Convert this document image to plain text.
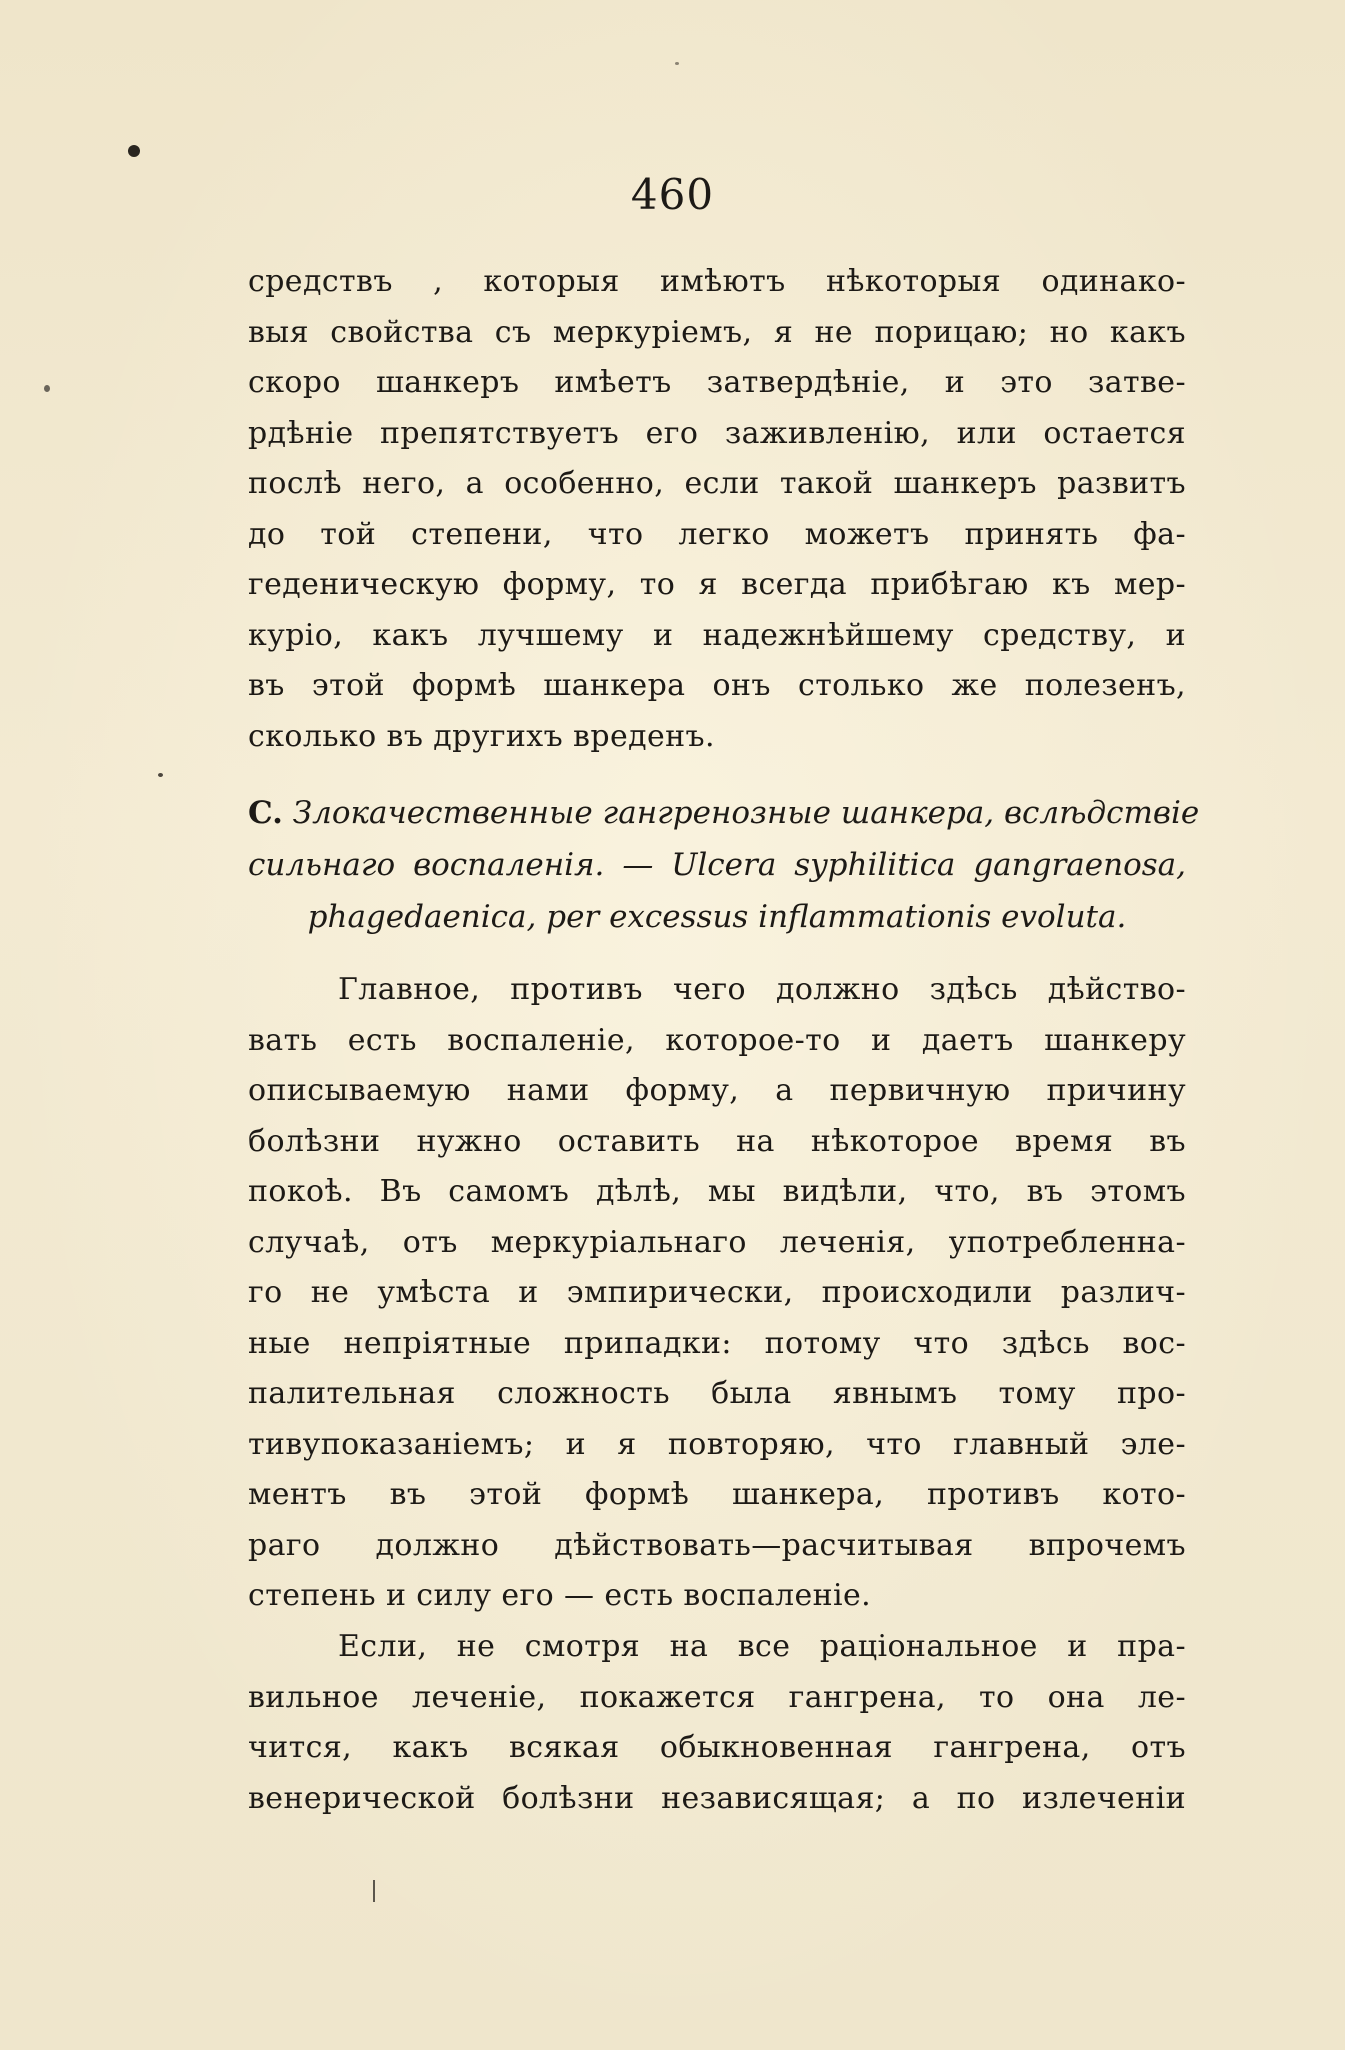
460
средствъ , которыя имѣютъ нѣкоторыя одинако-
выя свойства съ меркуріемъ, я не порицаю; но какъ
скоро шанкеръ имѣетъ затвердѣніе, и это затве-
рдѣніе препятствуетъ его заживленію, или остается
послѣ него, а особенно, если такой шанкеръ развитъ
до той степени, что легко можетъ принять фа-
геденическую форму, то я всегда прибѣгаю къ мер-
куріо, какъ лучшему и надежнѣйшему средству, и
въ этой формѣ шанкера онъ столько же полезенъ,
сколько въ другихъ вреденъ.
C. Злокачественные гангренозные шанкера, вслѣдствіе
сильнаго воспаленія. — Ulcera syphilitica gangraenosa,
phagedaenica, per excessus inflammationis evoluta.
Главное, противъ чего должно здѣсь дѣйство-
вать есть воспаленіе, которое-то и даетъ шанкеру
описываемую нами форму, а первичную причину
болѣзни нужно оставить на нѣкоторое время въ
покоѣ. Въ самомъ дѣлѣ, мы видѣли, что, въ этомъ
случаѣ, отъ меркуріальнаго леченія, употребленна-
го не умѣста и эмпирически, происходили различ-
ные непріятные припадки: потому что здѣсь вос-
палительная сложность была явнымъ тому про-
тивупоказаніемъ; и я повторяю, что главный эле-
ментъ въ этой формѣ шанкера, противъ кото-
раго должно дѣйствовать—расчитывая впрочемъ
степень и силу его — есть воспаленіе.
Если, не смотря на все раціональное и пра-
вильное леченіе, покажется гангрена, то она ле-
чится, какъ всякая обыкновенная гангрена, отъ
венерической болѣзни независящая; а по излеченіи
